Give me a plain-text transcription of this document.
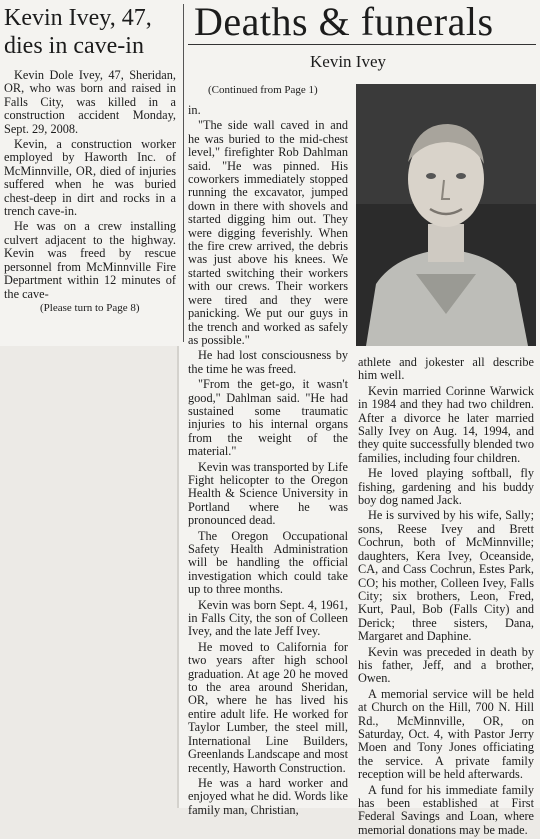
Kevin Ivey, 47, dies in cave-in
Deaths & funerals
Kevin Ivey
(Continued from Page 1)

Kevin Dole Ivey, 47, Sheridan, OR, who was born and raised in Falls City, was killed in a construction accident Monday, Sept. 29, 2008.

Kevin, a construction worker employed by Haworth Inc. of McMinnville, OR, died of injuries suffered when he was buried chest-deep in dirt and rocks in a trench cave-in.

He was on a crew installing culvert adjacent to the highway. Kevin was freed by rescue personnel from McMinnville Fire Department within 12 minutes of the cave-

(Please turn to Page 8)

in.

"The side wall caved in and he was buried to the mid-chest level," firefighter Rob Dahlman said. "He was pinned. His coworkers immediately stopped running the excavator, jumped down in there with shovels and started digging him out. They were digging feverishly. When the fire crew arrived, the debris was just above his knees. We started switching their workers with our crews. Their workers were tired and they were panicking. We put our guys in the trench and worked as safely as possible."

He had lost consciousness by the time he was freed.

"From the get-go, it wasn't good," Dahlman said. "He had sustained some traumatic injuries to his internal organs from the weight of the material."

Kevin was transported by Life Fight helicopter to the Oregon Health & Science University in Portland where he was pronounced dead.

The Oregon Occupational Safety Health Administration will be handling the official investigation which could take up to three months.

Kevin was born Sept. 4, 1961, in Falls City, the son of Colleen Ivey, and the late Jeff Ivey.

He moved to California for two years after high school graduation. At age 20 he moved to the area around Sheridan, OR, where he has lived his entire adult life. He worked for Taylor Lumber, the steel mill, International Line Builders, Greenlands Landscape and most recently, Haworth Construction.

He was a hard worker and enjoyed what he did. Words like family man, Christian,

athlete and jokester all describe him well.

Kevin married Corinne Warwick in 1984 and they had two children. After a divorce he later married Sally Ivey on Aug. 14, 1994, and they quite successfully blended two families, including four children.

He loved playing softball, fly fishing, gardening and his buddy boy dog named Jack.

He is survived by his wife, Sally; sons, Reese Ivey and Brett Cochrun, both of McMinnville; daughters, Kera Ivey, Oceanside, CA, and Cass Cochrun, Estes Park, CO; his mother, Colleen Ivey, Falls City; six brothers, Leon, Fred, Kurt, Paul, Bob (Falls City) and Derick; three sisters, Dana, Margaret and Daphine.

Kevin was preceded in death by his father, Jeff, and a brother, Owen.

A memorial service will be held at Church on the Hill, 700 N. Hill Rd., McMinnville, OR, on Saturday, Oct. 4, with Pastor Jerry Moen and Tony Jones officiating the service. A private family reception will be held afterwards.

A fund for his immediate family has been established at First Federal Savings and Loan, where memorial donations may be made.
